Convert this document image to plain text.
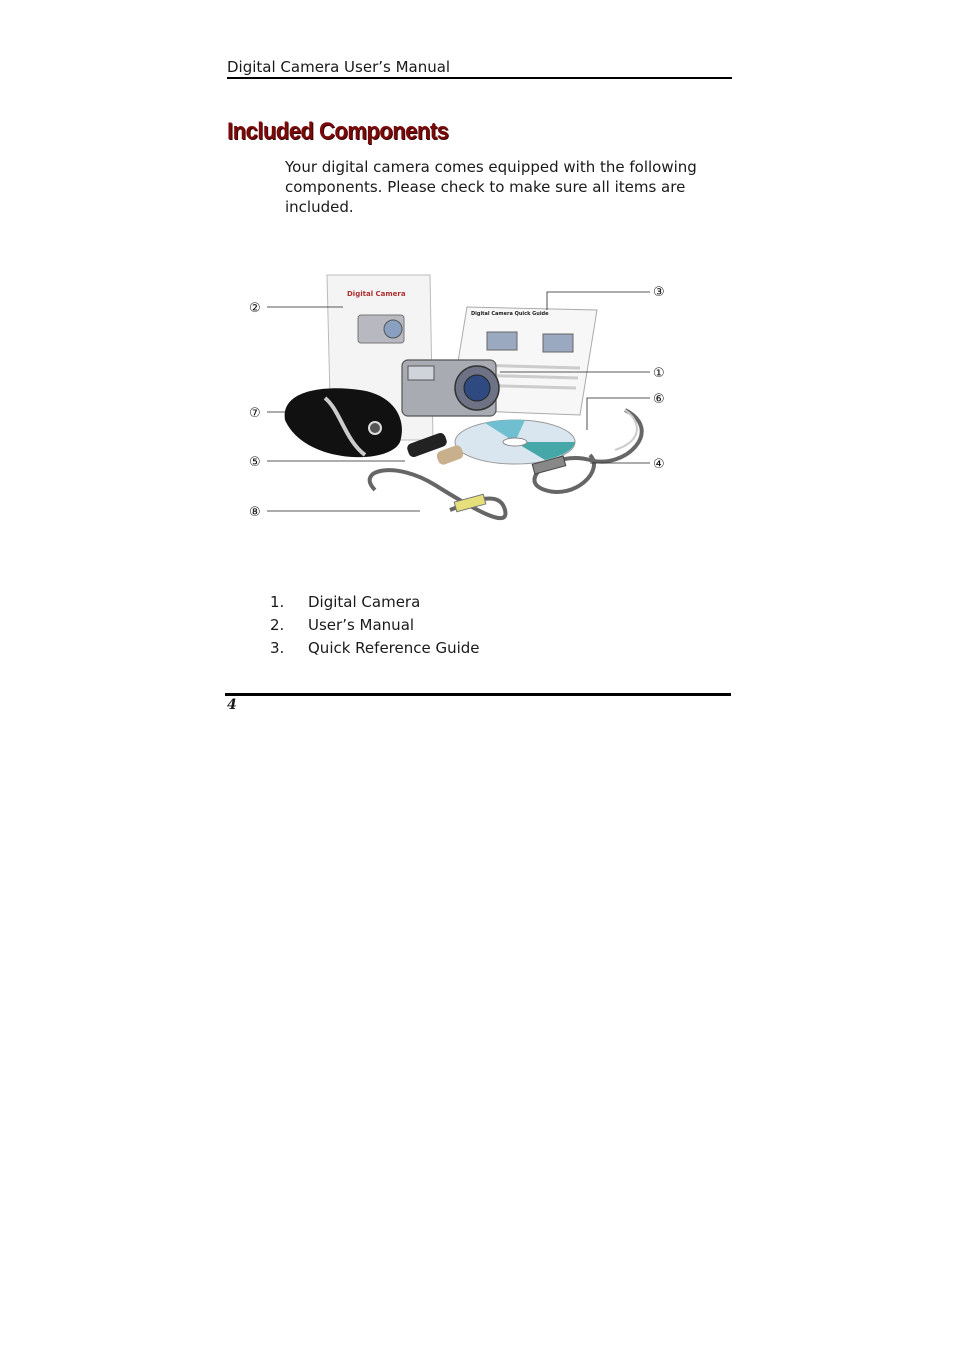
Digital Camera User’s Manual
Included Components
Your digital camera comes equipped with the following components. Please check to make sure all items are included.
Digital Camera
Digital Camera Quick Guide
②
③
①
⑥
⑦
④
⑤
⑧
1. Digital Camera
2. User’s Manual
3. Quick Reference Guide
4
